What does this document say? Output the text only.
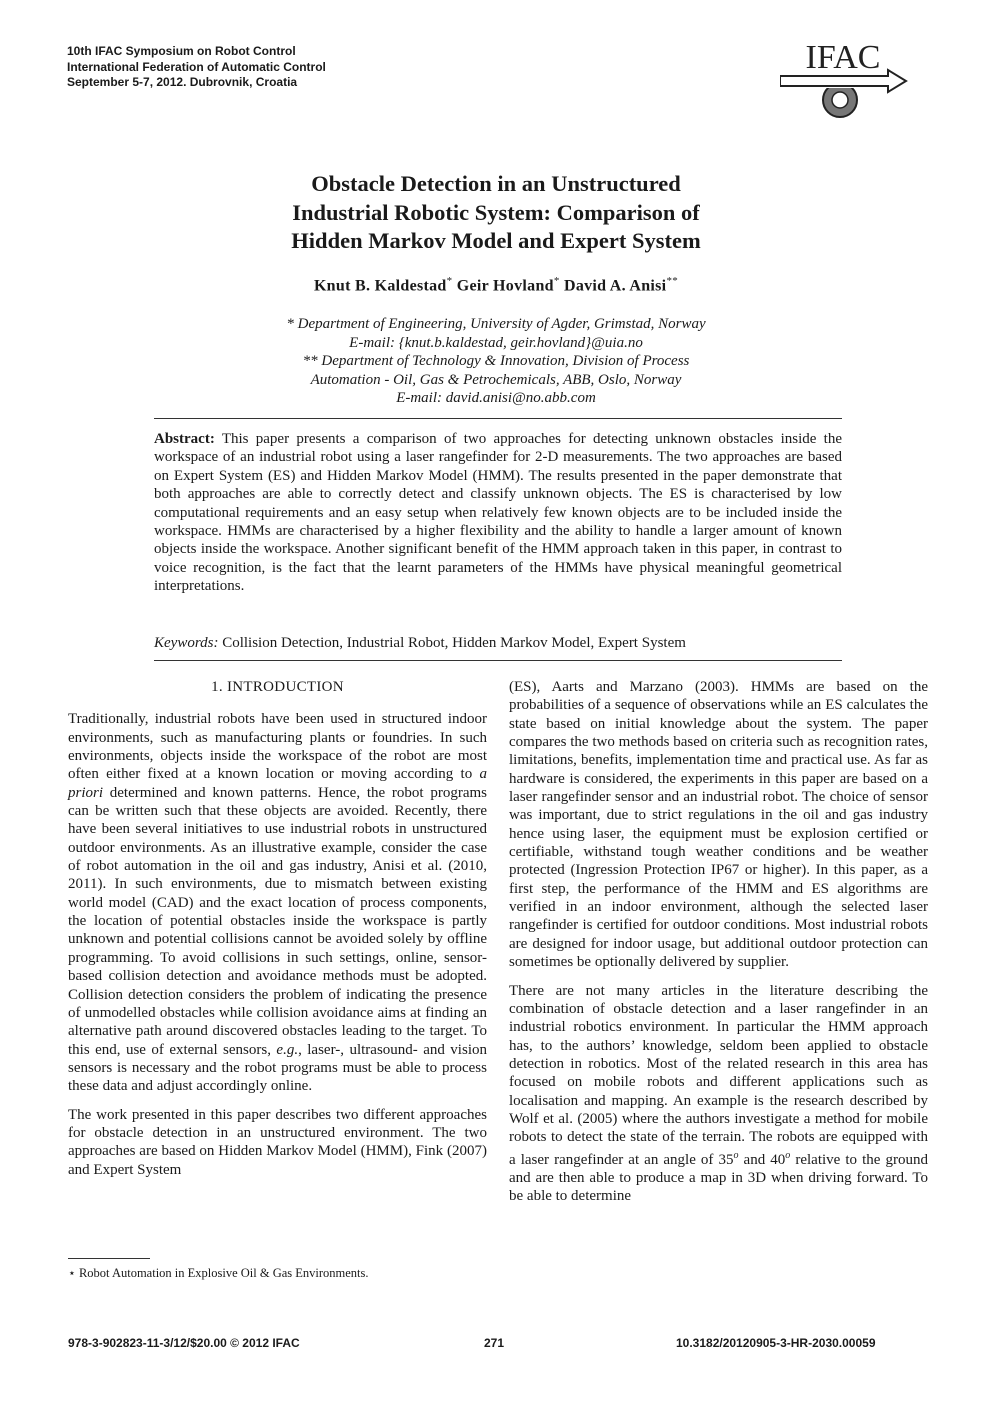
10th IFAC Symposium on Robot Control
International Federation of Automatic Control
September 5-7, 2012. Dubrovnik, Croatia
IFAC
Obstacle Detection in an Unstructured
Industrial Robotic System: Comparison of
Hidden Markov Model and Expert System
Knut B. Kaldestad* Geir Hovland* David A. Anisi**
* Department of Engineering, University of Agder, Grimstad, Norway
E-mail: {knut.b.kaldestad, geir.hovland}@uia.no
** Department of Technology & Innovation, Division of Process
Automation - Oil, Gas & Petrochemicals, ABB, Oslo, Norway
E-mail: david.anisi@no.abb.com
Abstract: This paper presents a comparison of two approaches for detecting unknown obstacles inside the workspace of an industrial robot using a laser rangefinder for 2-D measurements. The two approaches are based on Expert System (ES) and Hidden Markov Model (HMM). The results presented in the paper demonstrate that both approaches are able to correctly detect and classify unknown objects. The ES is characterised by low computational requirements and an easy setup when relatively few known objects are to be included inside the workspace. HMMs are characterised by a higher flexibility and the ability to handle a larger amount of known objects inside the workspace. Another significant benefit of the HMM approach taken in this paper, in contrast to voice recognition, is the fact that the learnt parameters of the HMMs have physical meaningful geometrical interpretations.
Keywords: Collision Detection, Industrial Robot, Hidden Markov Model, Expert System
1. INTRODUCTION

Traditionally, industrial robots have been used in structured indoor environments, such as manufacturing plants or foundries. In such environments, objects inside the workspace of the robot are most often either fixed at a known location or moving according to a priori determined and known patterns. Hence, the robot programs can be written such that these objects are avoided. Recently, there have been several initiatives to use industrial robots in unstructured outdoor environments. As an illustrative example, consider the case of robot automation in the oil and gas industry, Anisi et al. (2010, 2011). In such environments, due to mismatch between existing world model (CAD) and the exact location of process components, the location of potential obstacles inside the workspace is partly unknown and potential collisions cannot be avoided solely by offline programming. To avoid collisions in such settings, online, sensor-based collision detection and avoidance methods must be adopted. Collision detection considers the problem of indicating the presence of unmodelled obstacles while collision avoidance aims at finding an alternative path around discovered obstacles leading to the target. To this end, use of external sensors, e.g., laser-, ultrasound- and vision sensors is necessary and the robot programs must be able to process these data and adjust accordingly online.

The work presented in this paper describes two different approaches for obstacle detection in an unstructured environment. The two approaches are based on Hidden Markov Model (HMM), Fink (2007) and Expert System

(ES), Aarts and Marzano (2003). HMMs are based on the probabilities of a sequence of observations while an ES calculates the state based on initial knowledge about the system. The paper compares the two methods based on criteria such as recognition rates, limitations, benefits, implementation time and practical use. As far as hardware is considered, the experiments in this paper are based on a laser rangefinder sensor and an industrial robot. The choice of sensor was important, due to strict regulations in the oil and gas industry hence using laser, the equipment must be explosion certified or certifiable, withstand tough weather conditions and be weather protected (Ingression Protection IP67 or higher). In this paper, as a first step, the performance of the HMM and ES algorithms are verified in an indoor environment, although the selected laser rangefinder is certified for outdoor conditions. Most industrial robots are designed for indoor usage, but additional outdoor protection can sometimes be optionally delivered by supplier.

There are not many articles in the literature describing the combination of obstacle detection and a laser rangefinder in an industrial robotics environment. In particular the HMM approach has, to the authors’ knowledge, seldom been applied to obstacle detection in robotics. Most of the related research in this area has focused on mobile robots and different applications such as localisation and mapping. An example is the research described by Wolf et al. (2005) where the authors investigate a method for mobile robots to detect the state of the terrain. The robots are equipped with a laser rangefinder at an angle of 35$^o$ and 40$^o$ relative to the ground and are then able to produce a map in 3D when driving forward. To be able to determine

⋆ Robot Automation in Explosive Oil & Gas Environments.
978-3-902823-11-3/12/$20.00 © 2012 IFAC	271	10.3182/20120905-3-HR-2030.00059
